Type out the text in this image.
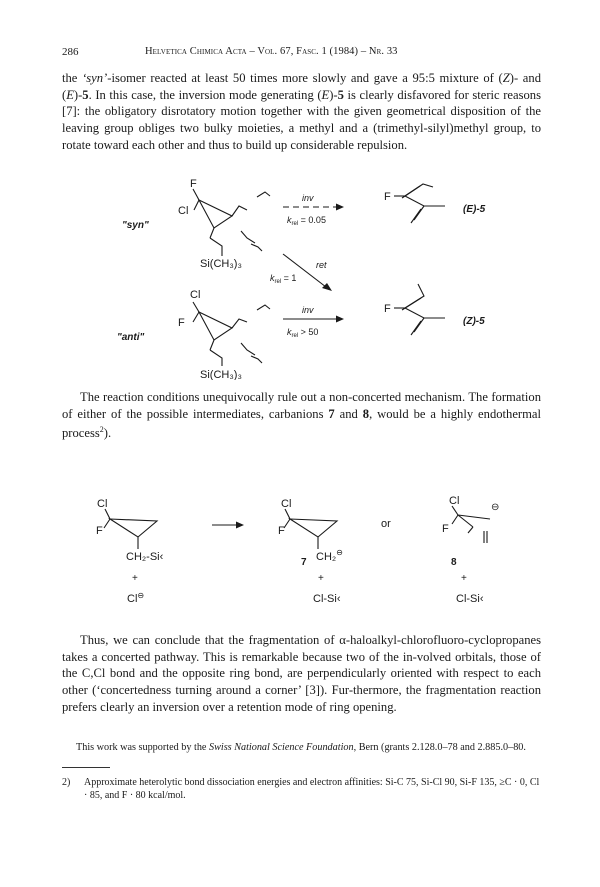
286	Helvetica Chimica Acta – Vol. 67, Fasc. 1 (1984) – Nr. 33

the ‘syn’-isomer reacted at least 50 times more slowly and gave a 95:5 mixture of (Z)- and (E)-5. In this case, the inversion mode generating (E)-5 is clearly disfavored for steric reasons [7]: the obligatory disrotatory motion together with the given geometrical disposition of the leaving group obliges two bulky moieties, a methyl and a (trimethyl-silyl)methyl group, to rotate toward each other and thus to build up considerable repulsion.

F
Cl
Si(CH₃)₃
"syn"
Cl
F
Si(CH₃)₃
"anti"
inv
$k_{rel} = 0.05$
ret
$k_{rel} = 1$
inv
$k_{rel} > 50$
F
(E)-5
F
(Z)-5

The reaction conditions unequivocally rule out a non-concerted mechanism. The formation of either of the possible intermediates, carbanions 7 and 8, would be a highly endothermal process$^2$).

Cl
F
CH₂-Si‹
+
Cl⊖
Cl
F
CH₂⊖
7
+
Cl-Si‹
or
Cl
⊖
F
8
+
Cl-Si‹

Thus, we can conclude that the fragmentation of α-haloalkyl-chlorofluoro-cyclopropanes takes a concerted pathway. This is remarkable because two of the in-volved orbitals, those of the C,Cl bond and the opposite ring bond, are perpendicularly oriented with respect to each other (‘concertedness turning around a corner’ [3]). Fur-thermore, the fragmentation reaction prefers clearly an inversion over a retention mode of ring opening.

This work was supported by the Swiss National Science Foundation, Bern (grants 2.128.0–78 and 2.885.0–80.

2) Approximate heterolytic bond dissociation energies and electron affinities: Si-C 75, Si-Cl 90, Si-F 135, ≥C · 0, Cl · 85, and F · 80 kcal/mol.
